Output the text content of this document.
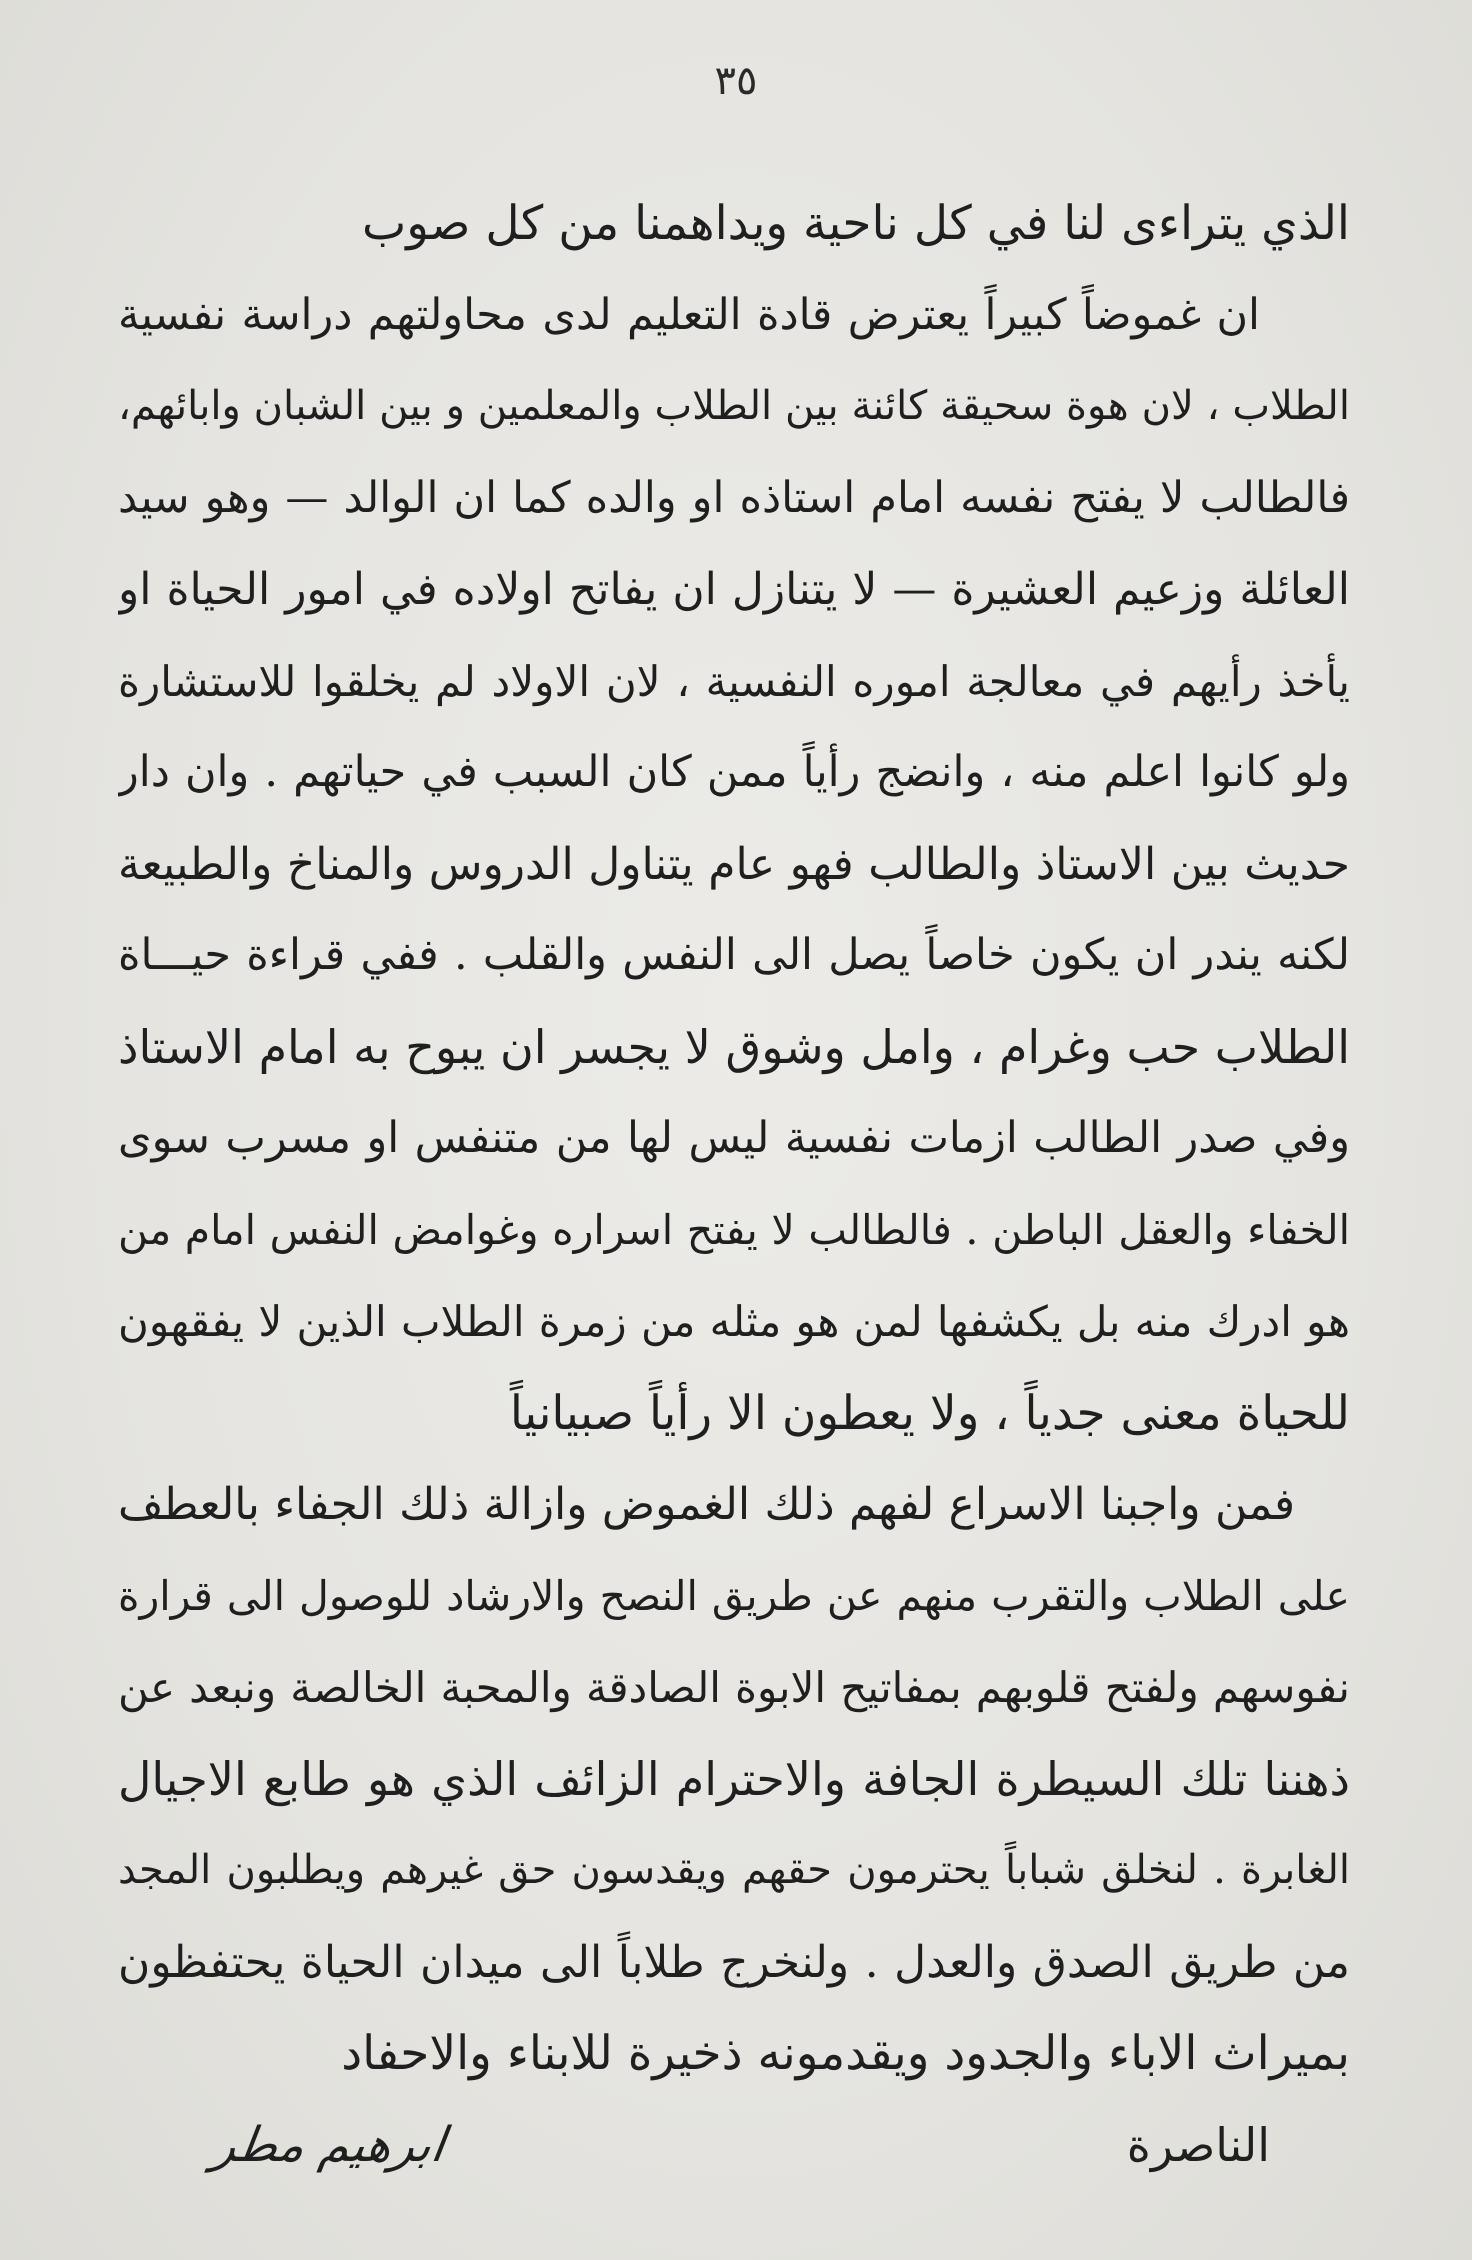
٣٥
الذي يتراءى لنا في كل ناحية ويداهمنا من كل صوب
ان غموضاً كبيراً يعترض قادة التعليم لدى محاولتهم دراسة نفسية
الطلاب ، لان هوة سحيقة كائنة بين الطلاب والمعلمين و بين الشبان وابائهم،
فالطالب لا يفتح نفسه امام استاذه او والده كما ان الوالد — وهو سيد
العائلة وزعيم العشيرة — لا يتنازل ان يفاتح اولاده في امور الحياة او
يأخذ رأيهم في معالجة اموره النفسية ، لان الاولاد لم يخلقوا للاستشارة
ولو كانوا اعلم منه ، وانضج رأياً ممن كان السبب في حياتهم . وان دار
حديث بين الاستاذ والطالب فهو عام يتناول الدروس والمناخ والطبيعة
لكنه يندر ان يكون خاصاً يصل الى النفس والقلب . ففي قراءة حيـــاة
الطلاب حب وغرام ، وامل وشوق لا يجسر ان يبوح به امام الاستاذ
وفي صدر الطالب ازمات نفسية ليس لها من متنفس او مسرب سوى
الخفاء والعقل الباطن . فالطالب لا يفتح اسراره وغوامض النفس امام من
هو ادرك منه بل يكشفها لمن هو مثله من زمرة الطلاب الذين لا يفقهون
للحياة معنى جدياً ، ولا يعطون الا رأياً صبيانياً
فمن واجبنا الاسراع لفهم ذلك الغموض وازالة ذلك الجفاء بالعطف
على الطلاب والتقرب منهم عن طريق النصح والارشاد للوصول الى قرارة
نفوسهم ولفتح قلوبهم بمفاتيح الابوة الصادقة والمحبة الخالصة ونبعد عن
ذهننا تلك السيطرة الجافة والاحترام الزائف الذي هو طابع الاجيال
الغابرة . لنخلق شباباً يحترمون حقهم ويقدسون حق غيرهم ويطلبون المجد
من طريق الصدق والعدل . ولنخرج طلاباً الى ميدان الحياة يحتفظون
بميراث الاباء والجدود ويقدمونه ذخيرة للابناء والاحفاد
الناصرة
ابرهيم مطر
